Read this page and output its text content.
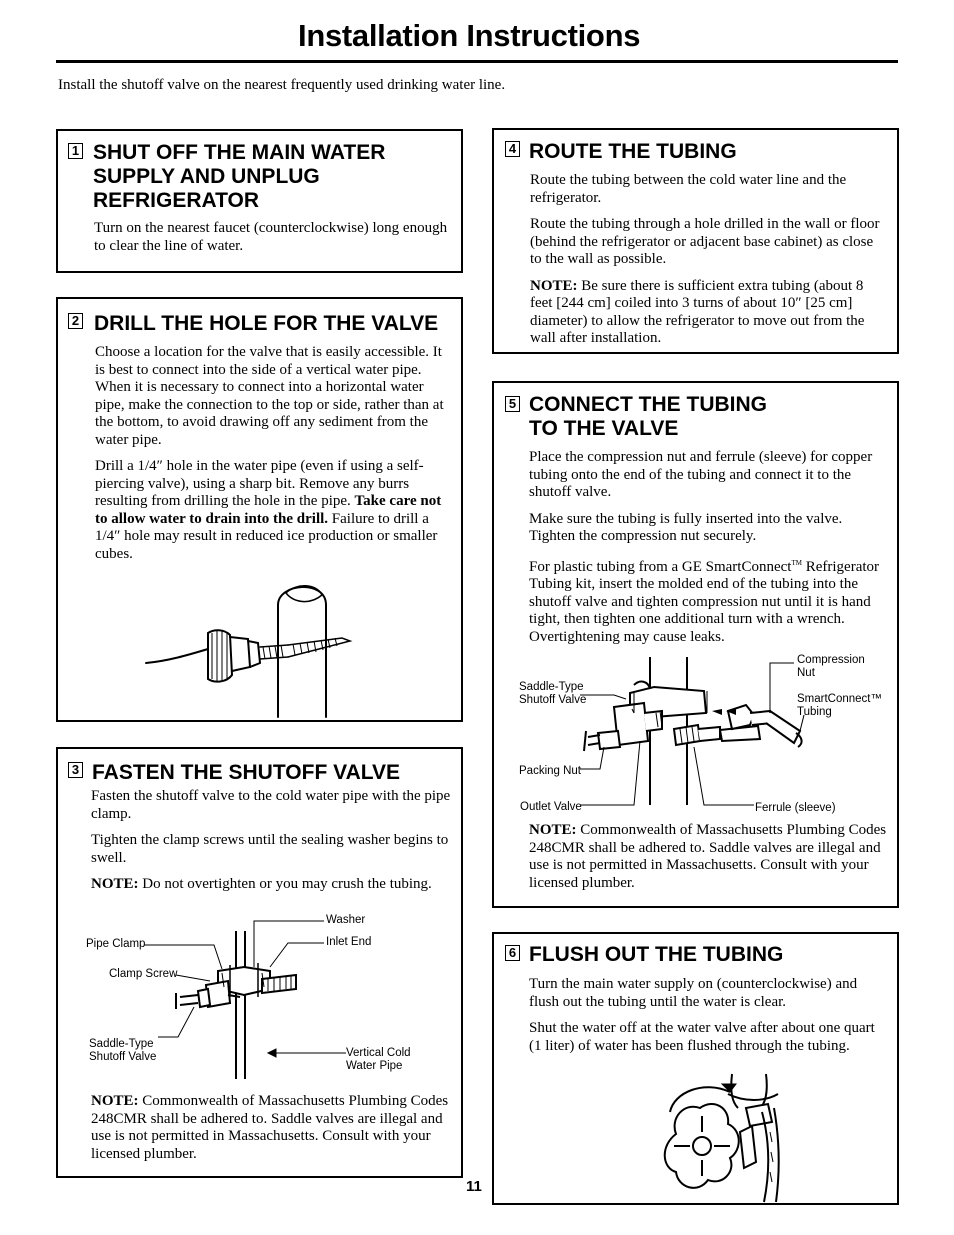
Installation Instructions
Install the shutoff valve on the nearest frequently used drinking water line.
1 SHUT OFF THE MAIN WATER
SUPPLY AND UNPLUG
REFRIGERATOR

Turn on the nearest faucet (counterclockwise) long enough to clear the line of water.

2 DRILL THE HOLE FOR THE VALVE

Choose a location for the valve that is easily accessible. It is best to connect into the side of a vertical water pipe. When it is necessary to connect into a horizontal water pipe, make the connection to the top or side, rather than at the bottom, to avoid drawing off any sediment from the water pipe.

Drill a 1/4″ hole in the water pipe (even if using a self-piercing valve), using a sharp bit. Remove any burrs resulting from drilling the hole in the pipe. Take care not to allow water to drain into the drill. Failure to drill a 1/4″ hole may result in reduced ice production or smaller cubes.

3 FASTEN THE SHUTOFF VALVE

Fasten the shutoff valve to the cold water pipe with the pipe clamp.

Tighten the clamp screws until the sealing washer begins to swell.

NOTE: Do not overtighten or you may crush the tubing.

Washer
Inlet End
Pipe Clamp
Clamp Screw
Saddle-Type
Shutoff Valve	Vertical Cold
Water Pipe

NOTE: Commonwealth of Massachusetts Plumbing Codes 248CMR shall be adhered to. Saddle valves are illegal and use is not permitted in Massachusetts. Consult with your licensed plumber.

4 ROUTE THE TUBING

Route the tubing between the cold water line and the refrigerator.

Route the tubing through a hole drilled in the wall or floor (behind the refrigerator or adjacent base cabinet) as close to the wall as possible.

NOTE: Be sure there is sufficient extra tubing (about 8 feet [244 cm] coiled into 3 turns of about 10″ [25 cm] diameter) to allow the refrigerator to move out from the wall after installation.

5 CONNECT THE TUBING
TO THE VALVE

Place the compression nut and ferrule (sleeve) for copper tubing onto the end of the tubing and connect it to the shutoff valve.

Make sure the tubing is fully inserted into the valve. Tighten the compression nut securely.

For plastic tubing from a GE SmartConnect™ Refrigerator Tubing kit, insert the molded end of the tubing into the shutoff valve and tighten compression nut until it is hand tight, then tighten one additional turn with a wrench. Overtightening may cause leaks.

Compression
Nut
Saddle-Type
Shutoff Valve	SmartConnect™
Tubing
Packing Nut
Outlet Valve	Ferrule (sleeve)

NOTE: Commonwealth of Massachusetts Plumbing Codes 248CMR shall be adhered to. Saddle valves are illegal and use is not permitted in Massachusetts. Consult with your licensed plumber.

6 FLUSH OUT THE TUBING

Turn the main water supply on (counterclockwise) and flush out the tubing until the water is clear.

Shut the water off at the water valve after about one quart (1 liter) of water has been flushed through the tubing.

11
